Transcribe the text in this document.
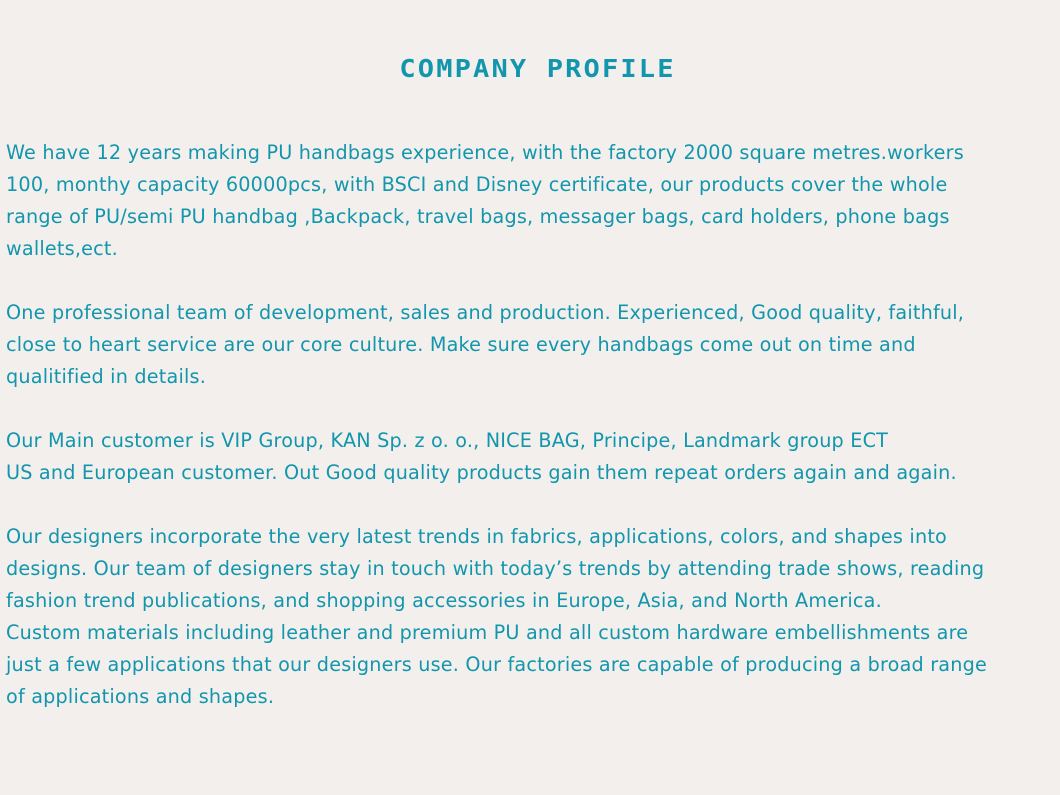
COMPANY PROFILE

We have 12 years making PU handbags experience, with the factory 2000 square metres.workers
100, monthy capacity 60000pcs, with BSCI and Disney certificate, our products cover the whole
range of PU/semi PU handbag ,Backpack, travel bags, messager bags, card holders, phone bags
wallets,ect.

One professional team of development, sales and production. Experienced, Good quality, faithful,
close to heart service are our core culture. Make sure every handbags come out on time and
qualitified in details.

Our Main customer is VIP Group, KAN Sp. z o. o., NICE BAG, Principe, Landmark group ECT
US and European customer. Out Good quality products gain them repeat orders again and again.

Our designers incorporate the very latest trends in fabrics, applications, colors, and shapes into
designs. Our team of designers stay in touch with today’s trends by attending trade shows, reading
fashion trend publications, and shopping accessories in Europe, Asia, and North America.

Custom materials including leather and premium PU and all custom hardware embellishments are
just a few applications that our designers use. Our factories are capable of producing a broad range
of applications and shapes.
